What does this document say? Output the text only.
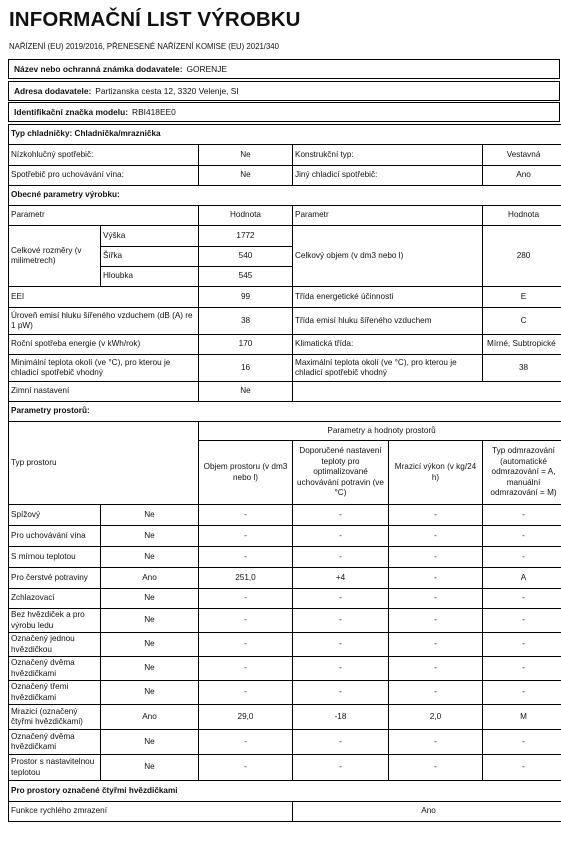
INFORMAČNÍ LIST VÝROBKU
NAŘÍZENÍ (EU) 2019/2016, PŘENESENÉ NAŘÍZENÍ KOMISE (EU) 2021/340
Název nebo ochranná známka dodavatele: GORENJE
Adresa dodavatele: Partizanska cesta 12, 3320 Velenje, SI
Identifikační značka modelu: RBI418EE0
Typ chladničky: Chladnička/mraznička					
Nízkohlučný spotřebič:		Ne	Konstrukční typ:		Vestavná
Spotřebič pro uchovávání vína:		Ne	Jiný chladicí spotřebič:		Ano
Obecné parametry výrobku:					
Parametr		Hodnota	Parametr		Hodnota
Celkové rozměry (v milimetrech)	Výška	1772	Celkový objem (v dm3 nebo l)		280
	Šířka	540			
	Hloubka	545			
EEI		99	Třída energetické účinnosti		E
Úroveň emisí hluku šířeného vzduchem (dB (A) re 1 pW)		38	Třída emisí hluku šířeného vzduchem		C
Roční spotřeba energie (v kWh/rok)		170	Klimatická třída:		Mírné, Subtropické
Minimální teplota okolí (ve °C), pro kterou je chladicí spotřebič vhodný		16	Maximální teplota okolí (ve °C), pro kterou je chladicí spotřebič vhodný		38
Zimní nastavení		Ne			
Parametry prostorů:					
Typ prostoru		Parametry a hodnoty prostorů			
		Objem prostoru (v dm3 nebo l)	Doporučené nastavení teploty pro optimalizované uchovávání potravin (ve °C)	Mrazicí výkon (v kg/24 h)	Typ odmrazování (automatické odmrazování = A, manuální odmrazování = M)
Spížový	Ne	-	-	-	-
Pro uchovávání vína	Ne	-	-	-	-
S mírnou teplotou	Ne	-	-	-	-
Pro čerstvé potraviny	Ano	251,0	+4	-	A
Zchlazovací	Ne	-	-	-	-
Bez hvězdiček a pro výrobu ledu	Ne	-	-	-	-
Označený jednou hvězdičkou	Ne	-	-	-	-
Označený dvěma hvězdičkami	Ne	-	-	-	-
Označený třemi hvězdičkami	Ne	-	-	-	-
Mrazicí (označený čtyřmi hvězdičkami)	Ano	29,0	-18	2,0	M
Označený dvěma hvězdičkami	Ne	-	-	-	-
Prostor s nastavitelnou teplotou	Ne	-	-	-	-
Pro prostory označené čtyřmi hvězdičkami					
Funkce rychlého zmrazení			Ano		
